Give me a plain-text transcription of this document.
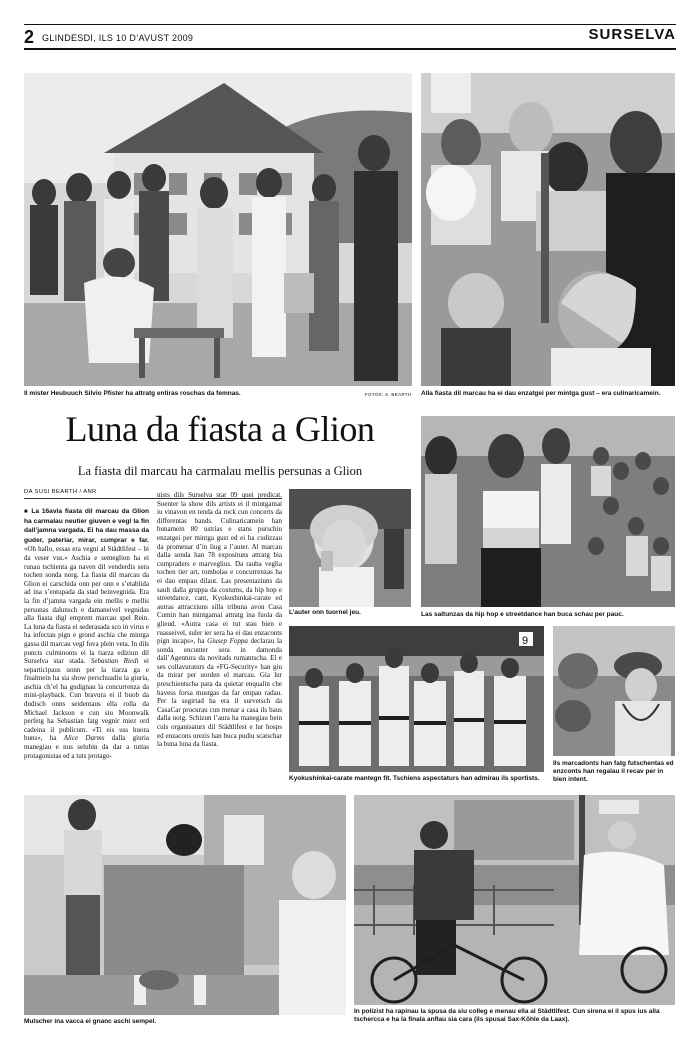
2 GLINDESDI, ILS 10 D’AVUST 2009	SURSELVA
Il mister Heubuuch Silvio Pfister ha attratg entiras roschas da femnas.	FOTOS: S. BEARTH Alla fiasta dil marcau ha ei dau enzatgei per mintga gust – era culinaricamein.
Luna da fiasta a Glion
La fiasta dil marcau ha carmalau mellis persunas a Glion
DA SUSI BEARTH / ANR

■ La 16avla fiasta dil marcau da Glion ha carmalau neutier giuven e vegl la fin dall’jamna vargada. Ei ha dau massa da guder, paterlar, mirar, cumprar e far. «Oh hallo, essas era vegni al Städtlifest – bi da veser vus.» Aschia e semeglion ha ei runau tschienta ga naven dil venderdis sera tochen sonda norg. La fiasta dil marcau da Glion ei carschida onn per onn e s’etablida ad ina s’entupada da stad beinvegnida. Era la fin d’jamna vargada ein mellis e mellis persunas dalunsch e damaneivel vegnidas alla fiasta digl emprem marcau spel Rein. La luna da fiasta ei sederasada sco in virus e ha infectau pign e grond aschia che mintga gassa dil marcau vegl fuva plein veta. In dils puncts culminonts ei la tiarza ediziun dil Surselva star stada. Sebastian Riedi ei separticipaus uonn per la tiarza ga e finalmein ha sia show perschuadiu la giuria, aschia ch’el ha gudignau la concurrenza da mini-playback. Cun bravura ei il buob da dudisch onns seidentaus ella rolla da Michael Jackson e cun siu Moonwalk perfetg ha Sebastian fatg vegnir miez ord cadeina il publicum. «Ti eis uss huora buns», ha Alice Darms dalla giuria manegiau e nus selubin da dar a tuttas protagonistas ed a tuts protago-

nists dils Surselva star 09 quei predicat. Suenter la show dils artists ei il mintgamai iu vinavon en tenda da rock cun concerts da differentas bands. Culinaricamein han bunamein 80 ustrias e stans purschiu enzatgei per mintga gust ed ei ha cudizzau da promenar d’in liug a l’auter. Al marcau dalla sonda han 78 exposituns attratg bia cumpraders e marveglius. Da rauba veglia tochen tier art, tombolas e concurrenzas ha ei dau empau dilaut. Las presentaziuns da sault dalla gruppa da costums, da hip hop e streetdance, cant, Kyokushinkai-carate ed autras attracziuns silla tribuna avon Casa Cumin han mintgamai attratg ina fuola da glieud. «Autra casa ei tut stau bien e ruasseivel, suler ier sera ha ei dau enzaconts pign incaps», ha Giusep Foppa declarau la sonda encunter sera in damonda dall’Agentura da novitads rumantscha. El e ses collavuraturs da «FG-Security» han giu da mirar per uorden el marcau. Gia lur preschientscha para da quietar enqualin che havess forsa mustgas da far empau radau. Per la segirtad ha era il survetsch da CasaCar procurau cun menar a casa ils baus dalla notg. Schizun l’aura ha manegiau bein culs organisaturs dil Städtlifest e lur hosps ed enzacons urezis han buca pudiu scatschar la buna luna da fiasta.

L’auter onn tuornel jeu.	Las saltunzas da hip hop e streetdance han buca schau per pauc.
9
Kyokushinkai-carate mantegn fit. Tschiens aspectaturs han admirau ils sportists.
Ils marcadonts han fatg futschentas ed enzconts han regalau il recav per in bien intent.
Mulscher ina vacca ei gnanc aschi sempel.
In polizist ha rapinau la spusa da siu colleg e menau ella al Städtlifest. Cun sirena ei il spus ius alla tschercca e ha la finala anflau sia cara (ils spusai Sax-Köhle da Laax).
